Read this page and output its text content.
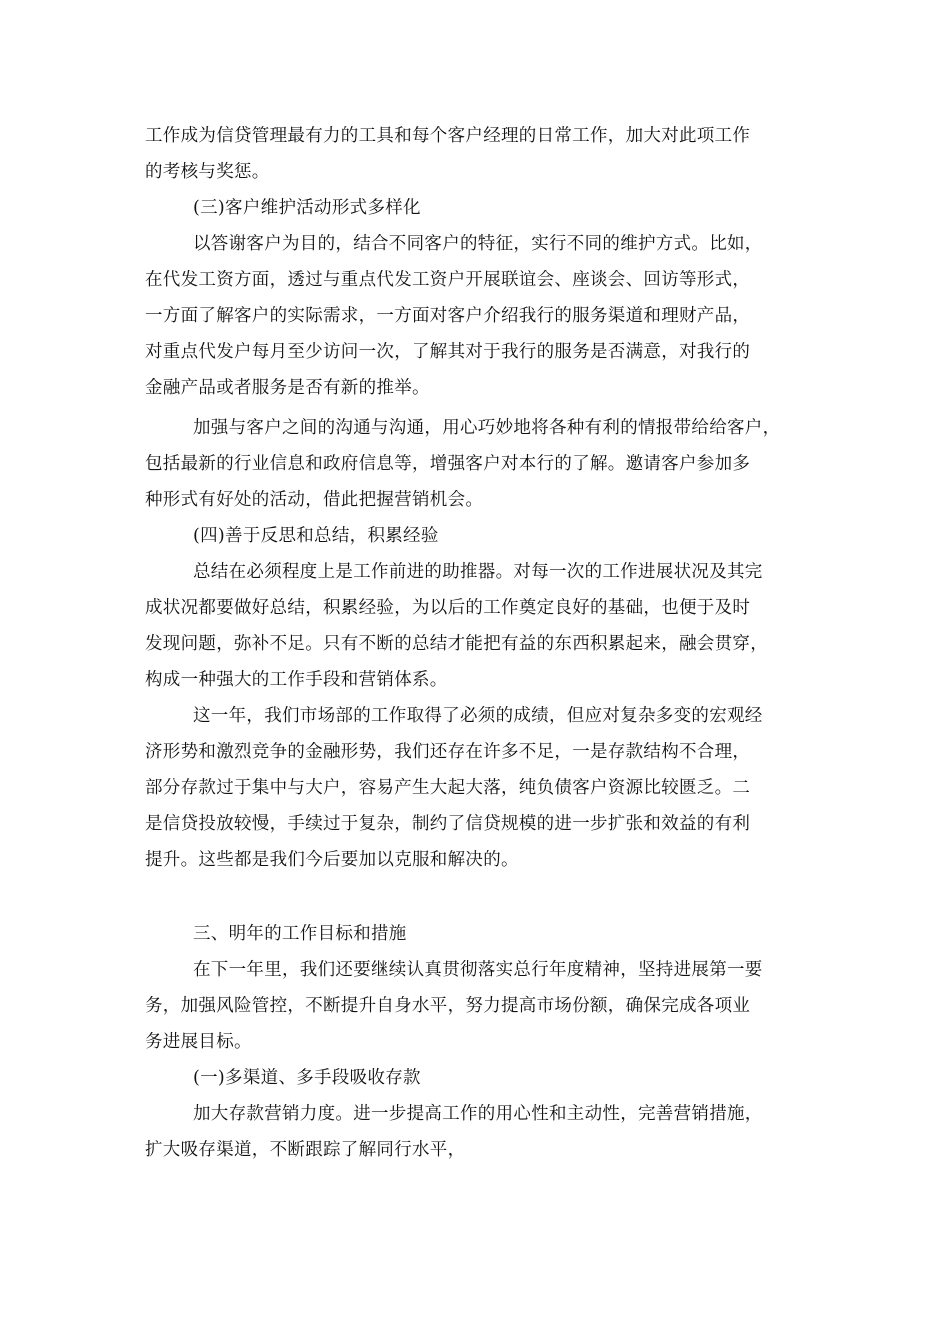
工作成为信贷管理最有力的工具和每个客户经理的日常工作，加大对此项工作
的考核与奖惩。
(三)客户维护活动形式多样化
以答谢客户为目的，结合不同客户的特征，实行不同的维护方式。比如，
在代发工资方面，透过与重点代发工资户开展联谊会、座谈会、回访等形式，
一方面了解客户的实际需求，一方面对客户介绍我行的服务渠道和理财产品，
对重点代发户每月至少访问一次，了解其对于我行的服务是否满意，对我行的
金融产品或者服务是否有新的推举。
加强与客户之间的沟通与沟通，用心巧妙地将各种有利的情报带给给客户，
包括最新的行业信息和政府信息等，增强客户对本行的了解。邀请客户参加多
种形式有好处的活动，借此把握营销机会。
(四)善于反思和总结，积累经验
总结在必须程度上是工作前进的助推器。对每一次的工作进展状况及其完
成状况都要做好总结，积累经验，为以后的工作奠定良好的基础，也便于及时
发现问题，弥补不足。只有不断的总结才能把有益的东西积累起来，融会贯穿，
构成一种强大的工作手段和营销体系。
这一年，我们市场部的工作取得了必须的成绩，但应对复杂多变的宏观经
济形势和激烈竞争的金融形势，我们还存在许多不足，一是存款结构不合理，
部分存款过于集中与大户，容易产生大起大落，纯负债客户资源比较匮乏。二
是信贷投放较慢，手续过于复杂，制约了信贷规模的进一步扩张和效益的有利
提升。这些都是我们今后要加以克服和解决的。
三、明年的工作目标和措施
在下一年里，我们还要继续认真贯彻落实总行年度精神，坚持进展第一要
务，加强风险管控，不断提升自身水平，努力提高市场份额，确保完成各项业
务进展目标。
(一)多渠道、多手段吸收存款
加大存款营销力度。进一步提高工作的用心性和主动性，完善营销措施，
扩大吸存渠道，不断跟踪了解同行水平，
